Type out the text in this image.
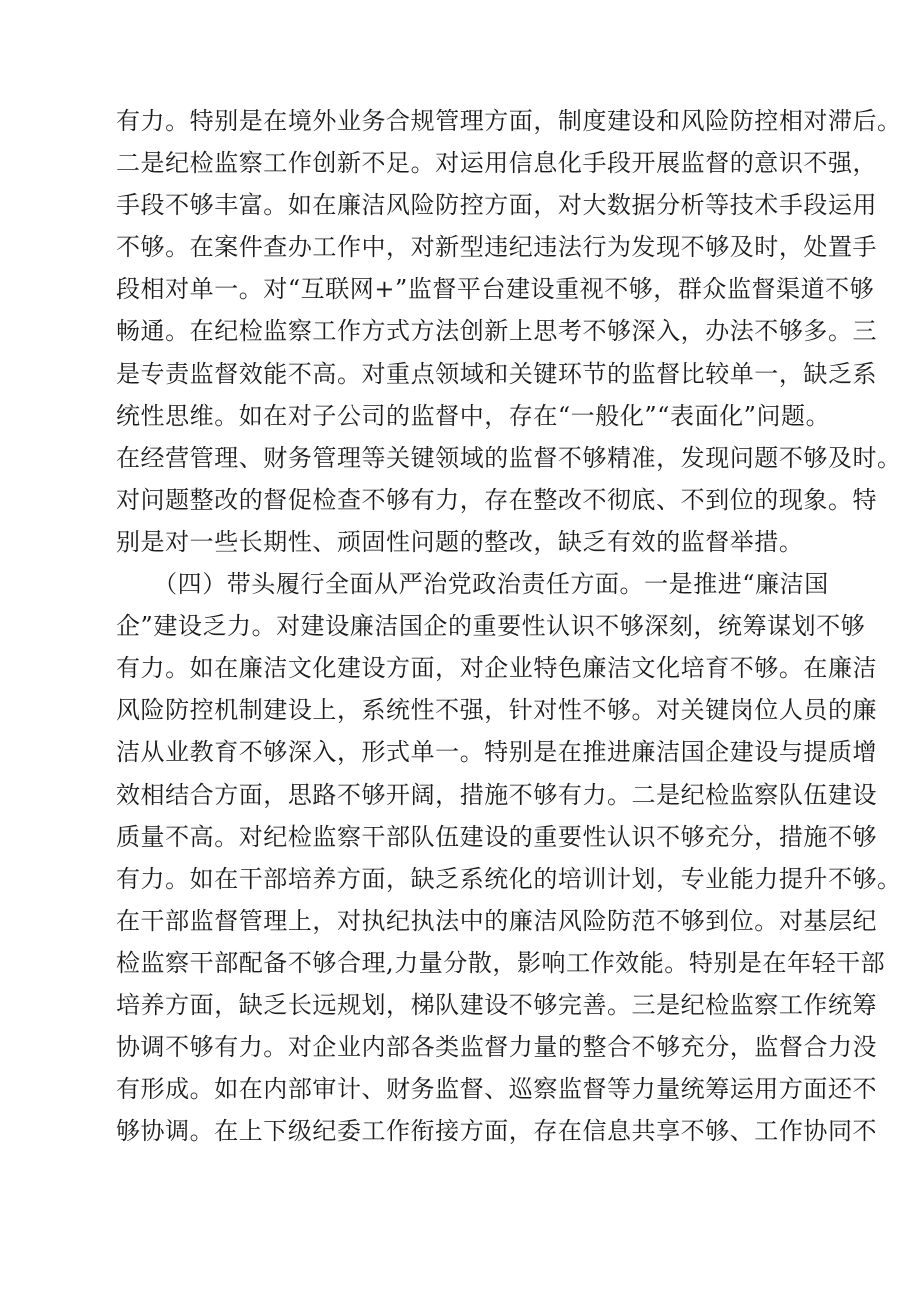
有力。特别是在境外业务合规管理方面，制度建设和风险防控相对滞后。
二是纪检监察工作创新不足。对运用信息化手段开展监督的意识不强，
手段不够丰富。如在廉洁风险防控方面，对大数据分析等技术手段运用
不够。在案件查办工作中，对新型违纪违法行为发现不够及时，处置手
段相对单一。对“互联网+”监督平台建设重视不够，群众监督渠道不够
畅通。在纪检监察工作方式方法创新上思考不够深入，办法不够多。三
是专责监督效能不高。对重点领域和关键环节的监督比较单一，缺乏系
统性思维。如在对子公司的监督中，存在“一般化”“表面化”问题。
在经营管理、财务管理等关键领域的监督不够精准，发现问题不够及时。
对问题整改的督促检查不够有力，存在整改不彻底、不到位的现象。特
别是对一些长期性、顽固性问题的整改，缺乏有效的监督举措。
　　（四）带头履行全面从严治党政治责任方面。一是推进“廉洁国
企”建设乏力。对建设廉洁国企的重要性认识不够深刻，统筹谋划不够
有力。如在廉洁文化建设方面，对企业特色廉洁文化培育不够。在廉洁
风险防控机制建设上，系统性不强，针对性不够。对关键岗位人员的廉
洁从业教育不够深入，形式单一。特别是在推进廉洁国企建设与提质增
效相结合方面，思路不够开阔，措施不够有力。二是纪检监察队伍建设
质量不高。对纪检监察干部队伍建设的重要性认识不够充分，措施不够
有力。如在干部培养方面，缺乏系统化的培训计划，专业能力提升不够。
在干部监督管理上，对执纪执法中的廉洁风险防范不够到位。对基层纪
检监察干部配备不够合理,力量分散，影响工作效能。特别是在年轻干部
培养方面，缺乏长远规划，梯队建设不够完善。三是纪检监察工作统筹
协调不够有力。对企业内部各类监督力量的整合不够充分，监督合力没
有形成。如在内部审计、财务监督、巡察监督等力量统筹运用方面还不
够协调。在上下级纪委工作衔接方面，存在信息共享不够、工作协同不
